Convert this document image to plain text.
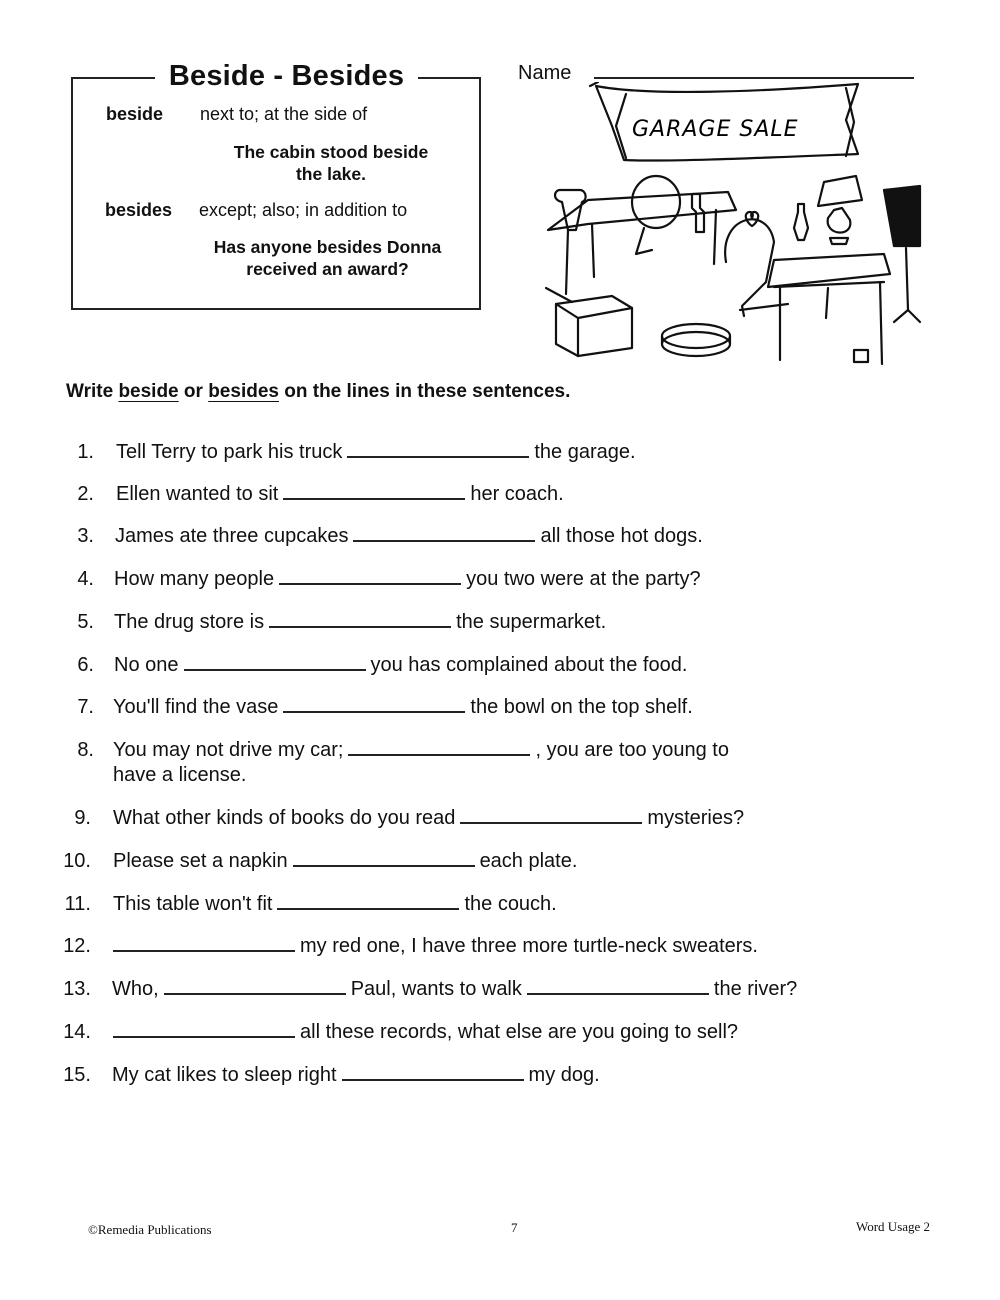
Beside - Besides
beside next to; at the side of
The cabin stood beside
the lake.
besides except; also; in addition to
Has anyone besides Donna
received an award?
Name
GARAGE SALE
Write beside or besides on the lines in these sentences.
1. Tell Terry to park his truck	the garage.
2. Ellen wanted to sit	her coach.
3. James ate three cupcakes	all those hot dogs.
4. How many people	you two were at the party?
5. The drug store is	the supermarket.
6. No one	you has complained about the food.
7. You'll find the vase	the bowl on the top shelf.
8. You may not drive my car;	, you are too young to
have a license.
9. What other kinds of books do you read	mysteries?
10. Please set a napkin	each plate.
11. This table won't fit	the couch.
12.	my red one, I have three more turtle-neck sweaters.
13. Who,	Paul, wants to walk	the river?
14.	all these records, what else are you going to sell?
15. My cat likes to sleep right	my dog.
©Remedia Publications	7	Word Usage 2
